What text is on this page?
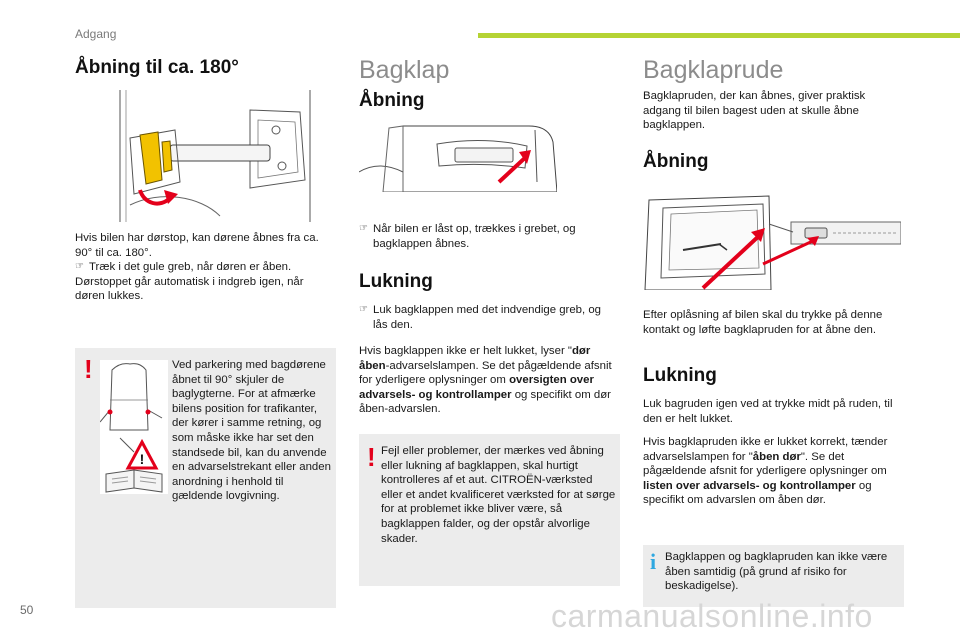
Adgang
Åbning til ca. 180°
Hvis bilen har dørstop, kan dørene åbnes fra ca. 90° til ca. 180°.
☞ Træk i det gule greb, når døren er åben.
Dørstoppet går automatisk i indgreb igen, når døren lukkes.
!
!
Ved parkering med bagdørene åbnet til 90° skjuler de baglygterne. For at afmærke bilens position for trafikanter, der kører i samme retning, og som måske ikke har set den standsede bil, kan du anvende en advarselstrekant eller anden anordning i henhold til gældende lovgivning.
Bagklap
Åbning
☞ Når bilen er låst op, trækkes i grebet, og bagklappen åbnes.
Lukning
☞ Luk bagklappen med det indvendige greb, og lås den.
Hvis bagklappen ikke er helt lukket, lyser "dør åben-advarselslampen. Se det pågældende afsnit for yderligere oplysninger om oversigten over advarsels- og kontrollamper og specifikt om dør åben-advarslen.
! Fejl eller problemer, der mærkes ved åbning eller lukning af bagklappen, skal hurtigt kontrolleres af et aut. CITROËN-værksted eller et andet kvalificeret værksted for at sørge for at problemet ikke bliver være, så bagklappen falder, og der opstår alvorlige skader.
Bagklaprude
Bagklapruden, der kan åbnes, giver praktisk adgang til bilen bagest uden at skulle åbne bagklappen.
Åbning
Efter oplåsning af bilen skal du trykke på denne kontakt og løfte bagklapruden for at åbne den.
Lukning
Luk bagruden igen ved at trykke midt på ruden, til den er helt lukket.
Hvis bagklapruden ikke er lukket korrekt, tænder advarselslampen for "åben dør". Se det pågældende afsnit for yderligere oplysninger om listen over advarsels- og kontrollamper og specifikt om advarslen om åben dør.
i Bagklappen og bagklapruden kan ikke være åben samtidig (på grund af risiko for beskadigelse).
50	carmanualsonline.info
